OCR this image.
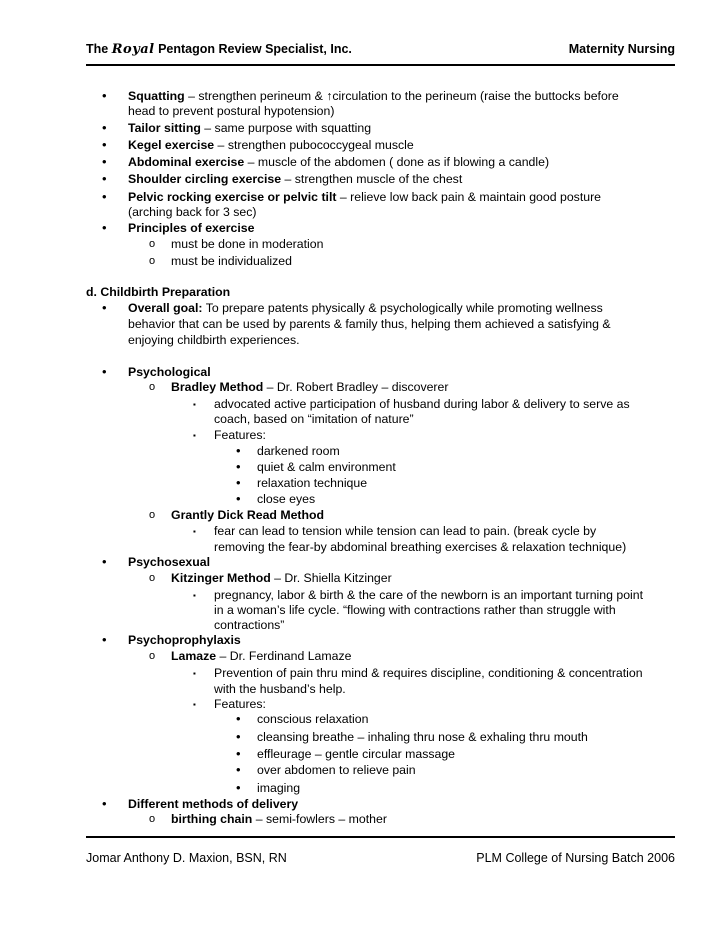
The Royal Pentagon Review Specialist, Inc.	Maternity Nursing
• Squatting – strengthen perineum & ↑circulation to the perineum (raise the buttocks before
head to prevent postural hypotension)
• Tailor sitting – same purpose with squatting
• Kegel exercise – strengthen pubococcygeal muscle
• Abdominal exercise – muscle of the abdomen ( done as if blowing a candle)
• Shoulder circling exercise – strengthen muscle of the chest
• Pelvic rocking exercise or pelvic tilt – relieve low back pain & maintain good posture
(arching back for 3 sec)
• Principles of exercise
o must be done in moderation
o must be individualized
d. Childbirth Preparation
• Overall goal: To prepare patents physically & psychologically while promoting wellness
behavior that can be used by parents & family thus, helping them achieved a satisfying &
enjoying childbirth experiences.
• Psychological
o Bradley Method – Dr. Robert Bradley – discoverer
▪ advocated active participation of husband during labor & delivery to serve as
coach, based on “imitation of nature”
▪ Features:
• darkened room
• quiet & calm environment
• relaxation technique
• close eyes
o Grantly Dick Read Method
▪ fear can lead to tension while tension can lead to pain. (break cycle by
removing the fear-by abdominal breathing exercises & relaxation technique)
• Psychosexual
o Kitzinger Method – Dr. Shiella Kitzinger
▪ pregnancy, labor & birth & the care of the newborn is an important turning point
in a woman’s life cycle. “flowing with contractions rather than struggle with
contractions”
• Psychoprophylaxis
o Lamaze – Dr. Ferdinand Lamaze
▪ Prevention of pain thru mind & requires discipline, conditioning & concentration
with the husband’s help.
▪ Features:
• conscious relaxation
• cleansing breathe – inhaling thru nose & exhaling thru mouth
• effleurage – gentle circular massage
• over abdomen to relieve pain
• imaging
• Different methods of delivery
o birthing chain – semi-fowlers – mother
Jomar Anthony D. Maxion, BSN, RN	PLM College of Nursing Batch 2006
